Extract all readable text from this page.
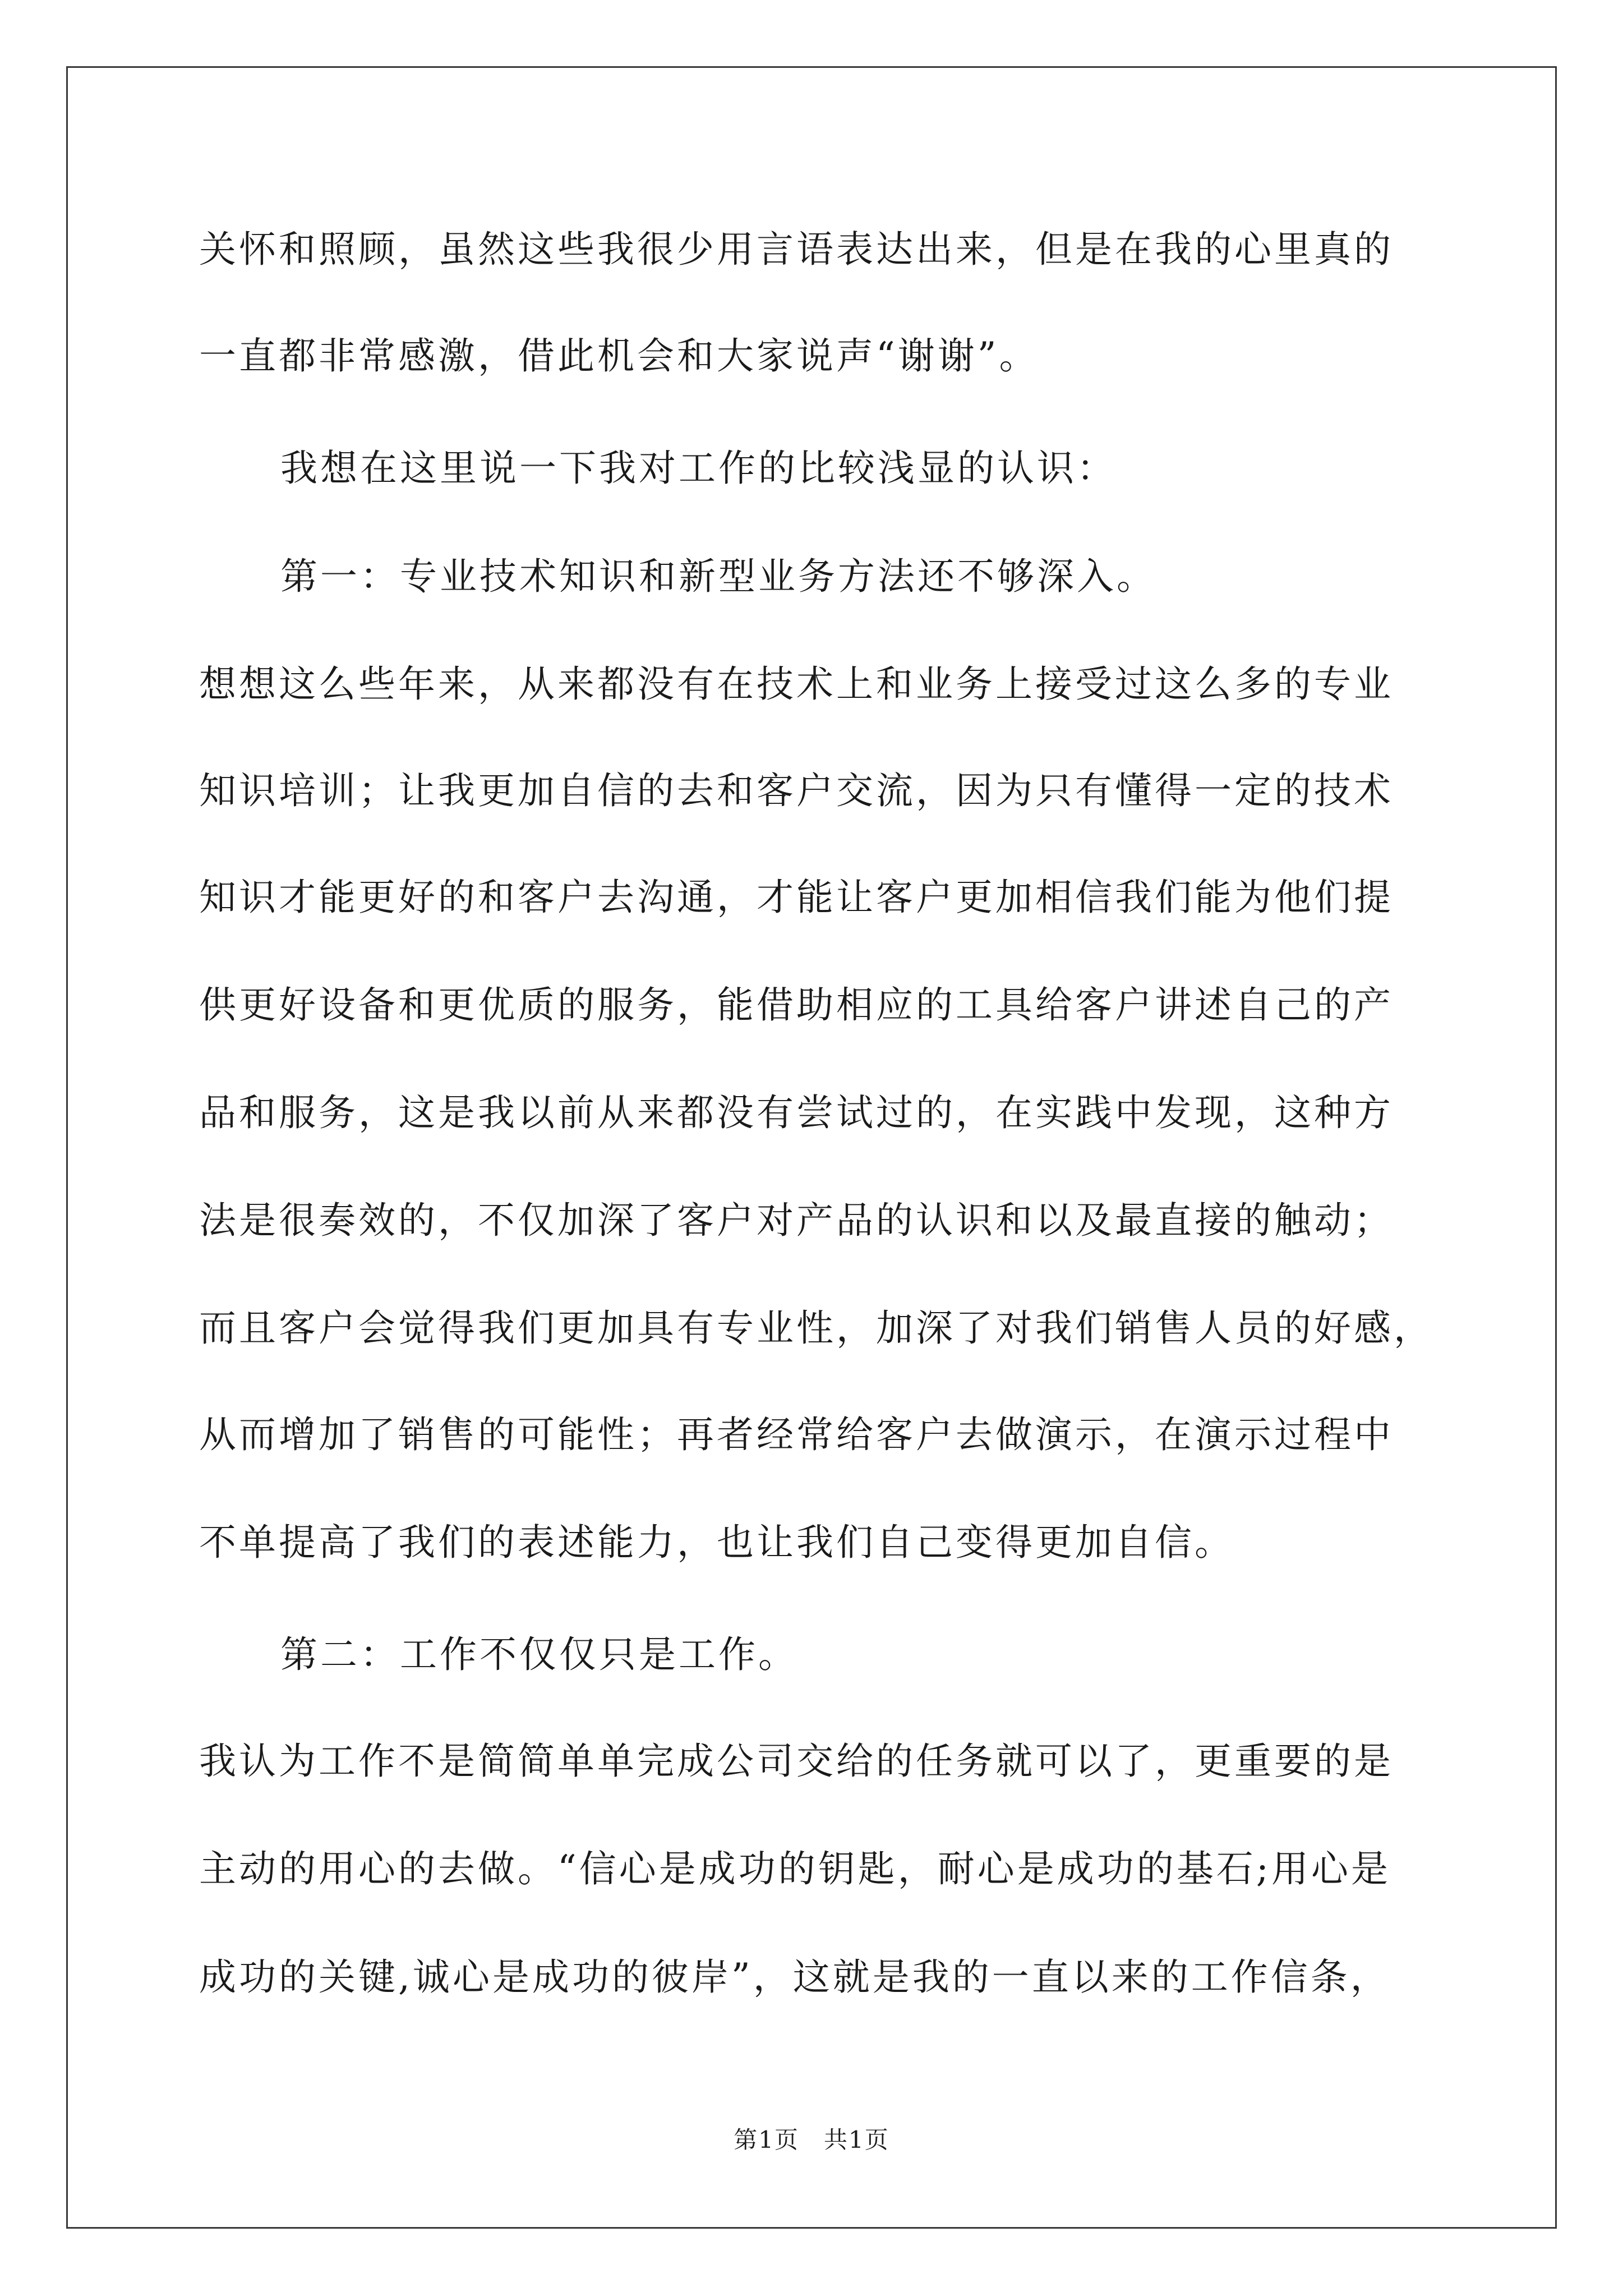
关怀和照顾，虽然这些我很少用言语表达出来，但是在我的心里真的
一直都非常感激，借此机会和大家说声“谢谢”。
我想在这里说一下我对工作的比较浅显的认识：
第一：专业技术知识和新型业务方法还不够深入。
想想这么些年来，从来都没有在技术上和业务上接受过这么多的专业
知识培训；让我更加自信的去和客户交流，因为只有懂得一定的技术
知识才能更好的和客户去沟通，才能让客户更加相信我们能为他们提
供更好设备和更优质的服务，能借助相应的工具给客户讲述自己的产
品和服务，这是我以前从来都没有尝试过的，在实践中发现，这种方
法是很奏效的，不仅加深了客户对产品的认识和以及最直接的触动；
而且客户会觉得我们更加具有专业性，加深了对我们销售人员的好感，
从而增加了销售的可能性；再者经常给客户去做演示，在演示过程中
不单提高了我们的表述能力，也让我们自己变得更加自信。
第二：工作不仅仅只是工作。
我认为工作不是简简单单完成公司交给的任务就可以了，更重要的是
主动的用心的去做。“信心是成功的钥匙，耐心是成功的基石;用心是
成功的关键,诚心是成功的彼岸”，这就是我的一直以来的工作信条，
第1页　共1页
